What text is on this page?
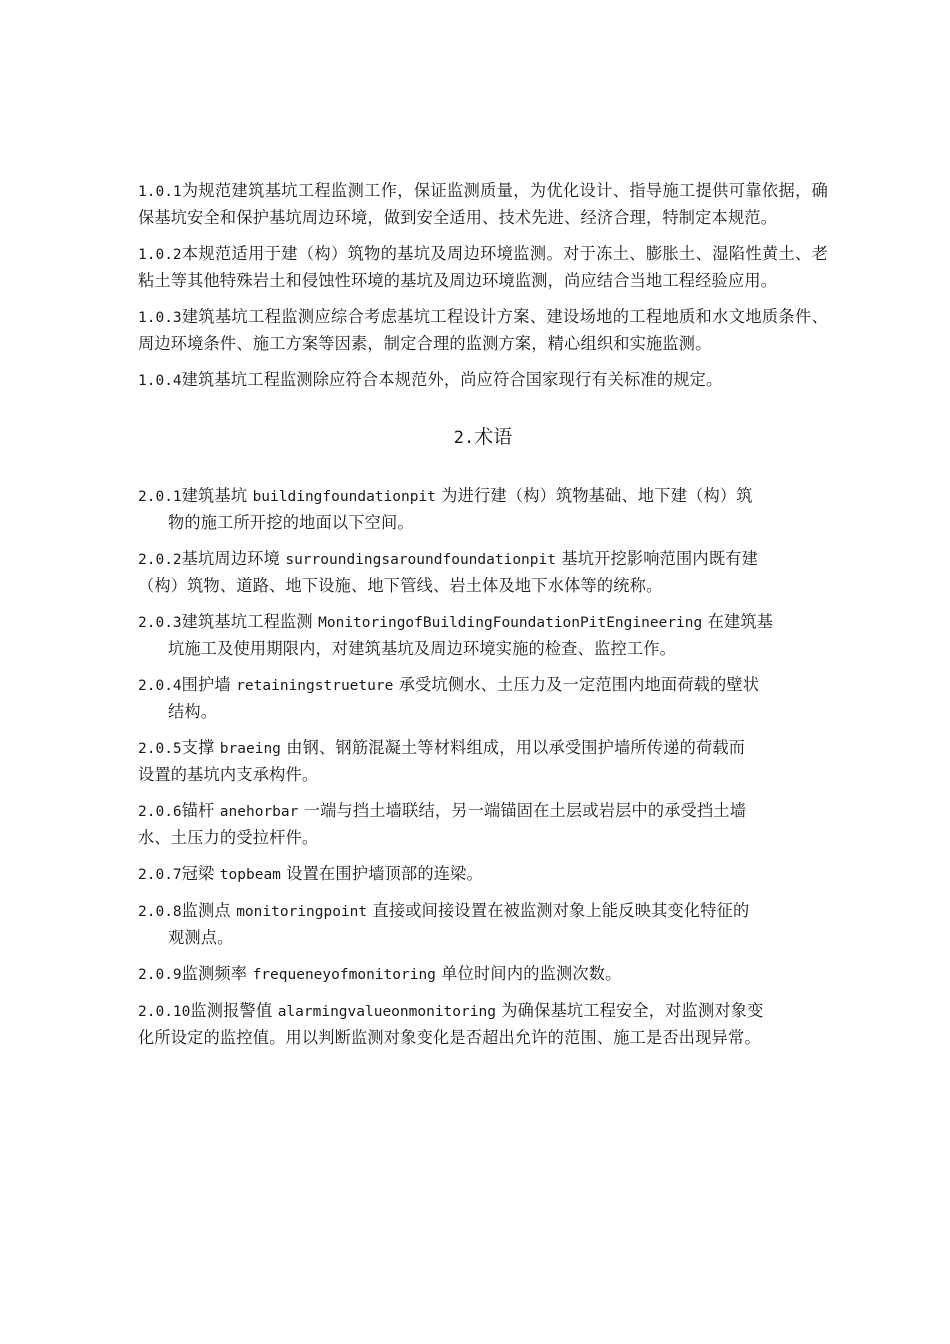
1.0.1为规范建筑基坑工程监测工作，保证监测质量，为优化设计、指导施工提供可靠依据，确保基坑安全和保护基坑周边环境，做到安全适用、技术先进、经济合理，特制定本规范。

1.0.2本规范适用于建（构）筑物的基坑及周边环境监测。对于冻土、膨胀土、湿陷性黄土、老粘土等其他特殊岩土和侵蚀性环境的基坑及周边环境监测，尚应结合当地工程经验应用。

1.0.3建筑基坑工程监测应综合考虑基坑工程设计方案、建设场地的工程地质和水文地质条件、周边环境条件、施工方案等因素，制定合理的监测方案，精心组织和实施监测。

1.0.4建筑基坑工程监测除应符合本规范外，尚应符合国家现行有关标准的规定。

2.术语

2.0.1建筑基坑 buildingfoundationpit 为进行建（构）筑物基础、地下建（构）筑
物的施工所开挖的地面以下空间。

2.0.2基坑周边环境 surroundingsaroundfoundationpit 基坑开挖影响范围内既有建
（构）筑物、道路、地下设施、地下管线、岩土体及地下水体等的统称。

2.0.3建筑基坑工程监测 MonitoringofBuildingFoundationPitEngineering 在建筑基
坑施工及使用期限内，对建筑基坑及周边环境实施的检查、监控工作。

2.0.4围护墙 retainingstrueture 承受坑侧水、土压力及一定范围内地面荷载的壁状
结构。

2.0.5支撑 braeing 由钢、钢筋混凝土等材料组成，用以承受围护墙所传递的荷载而
设置的基坑内支承构件。

2.0.6锚杆 anehorbar 一端与挡土墙联结，另一端锚固在土层或岩层中的承受挡土墙
水、土压力的受拉杆件。

2.0.7冠梁 topbeam 设置在围护墙顶部的连梁。

2.0.8监测点 monitoringpoint 直接或间接设置在被监测对象上能反映其变化特征的
观测点。

2.0.9监测频率 frequeneyofmonitoring 单位时间内的监测次数。

2.0.10监测报警值 alarmingvalueonmonitoring 为确保基坑工程安全，对监测对象变
化所设定的监控值。用以判断监测对象变化是否超出允许的范围、施工是否出现异常。
